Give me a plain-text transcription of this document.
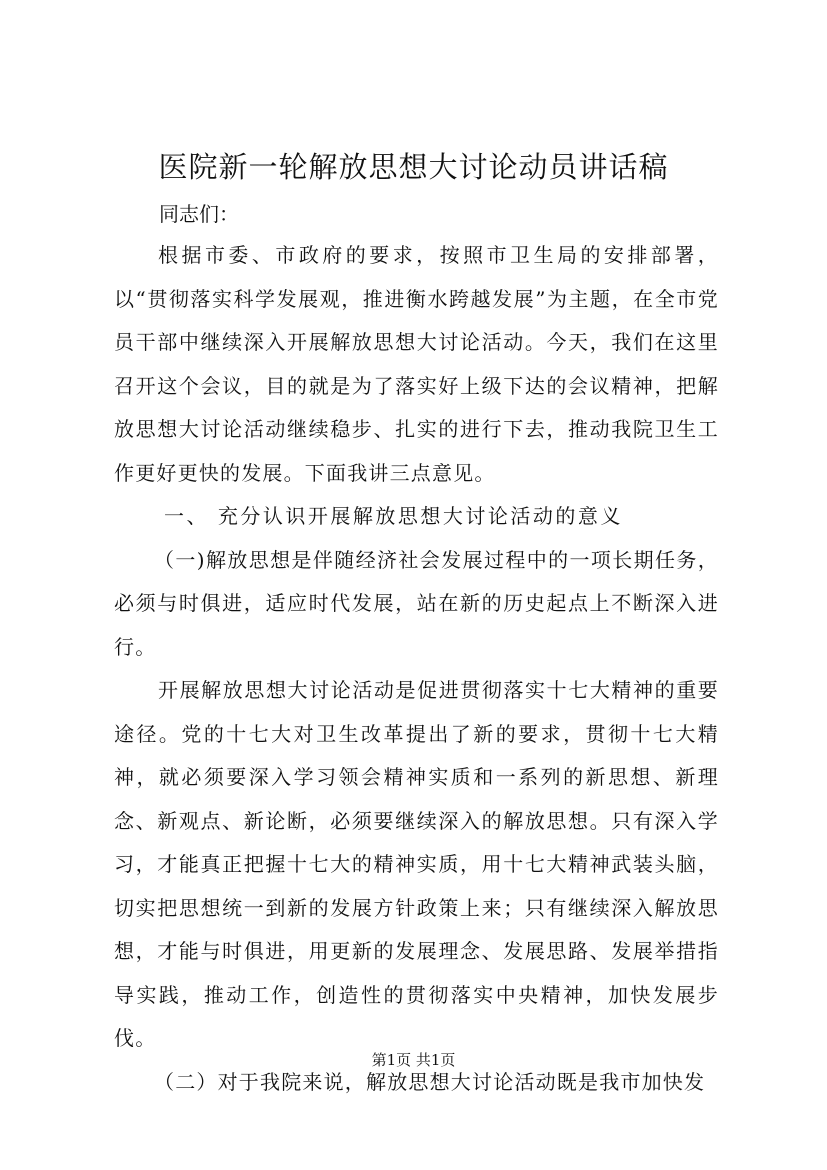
医院新一轮解放思想大讨论动员讲话稿

同志们：

根据市委、市政府的要求，按照市卫生局的安排部署，以“贯彻落实科学发展观，推进衡水跨越发展”为主题，在全市党员干部中继续深入开展解放思想大讨论活动。今天，我们在这里召开这个会议，目的就是为了落实好上级下达的会议精神，把解放思想大讨论活动继续稳步、扎实的进行下去，推动我院卫生工作更好更快的发展。下面我讲三点意见。

一、 充分认识开展解放思想大讨论活动的意义

（一)解放思想是伴随经济社会发展过程中的一项长期任务，必须与时俱进，适应时代发展，站在新的历史起点上不断深入进行。

开展解放思想大讨论活动是促进贯彻落实十七大精神的重要途径。党的十七大对卫生改革提出了新的要求，贯彻十七大精神，就必须要深入学习领会精神实质和一系列的新思想、新理念、新观点、新论断，必须要继续深入的解放思想。只有深入学习，才能真正把握十七大的精神实质，用十七大精神武装头脑，切实把思想统一到新的发展方针政策上来；只有继续深入解放思想，才能与时俱进，用更新的发展理念、发展思路、发展举措指导实践，推动工作，创造性的贯彻落实中央精神，加快发展步伐。

（二）对于我院来说，解放思想大讨论活动既是我市加快发

第1页 共1页
